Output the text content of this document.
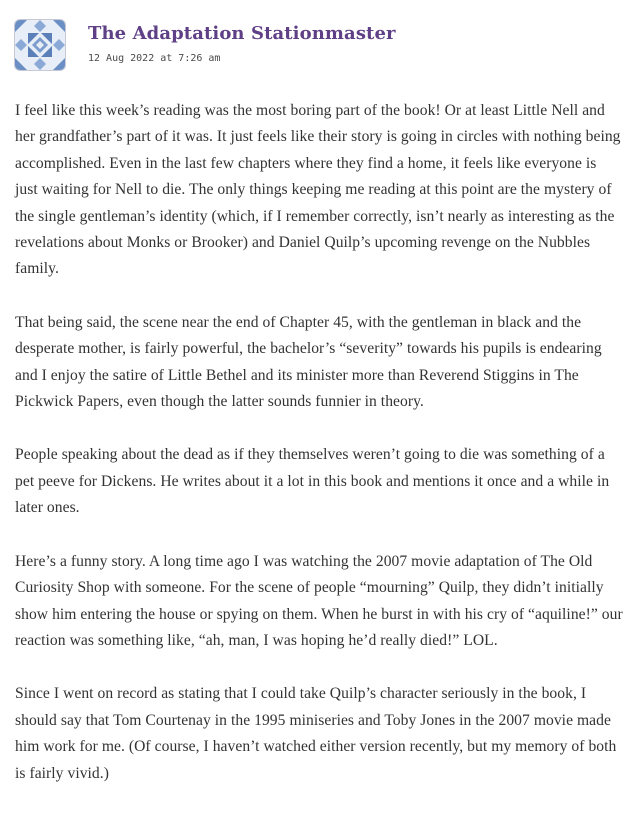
The Adaptation Stationmaster
12 Aug 2022 at 7:26 am

I feel like this week’s reading was the most boring part of the book! Or at least Little Nell and her grandfather’s part of it was. It just feels like their story is going in circles with nothing being accomplished. Even in the last few chapters where they find a home, it feels like everyone is just waiting for Nell to die. The only things keeping me reading at this point are the mystery of the single gentleman’s identity (which, if I remember correctly, isn’t nearly as interesting as the revelations about Monks or Brooker) and Daniel Quilp’s upcoming revenge on the Nubbles family.

That being said, the scene near the end of Chapter 45, with the gentleman in black and the desperate mother, is fairly powerful, the bachelor’s “severity” towards his pupils is endearing and I enjoy the satire of Little Bethel and its minister more than Reverend Stiggins in The Pickwick Papers, even though the latter sounds funnier in theory.

People speaking about the dead as if they themselves weren’t going to die was something of a pet peeve for Dickens. He writes about it a lot in this book and mentions it once and a while in later ones.

Here’s a funny story. A long time ago I was watching the 2007 movie adaptation of The Old Curiosity Shop with someone. For the scene of people “mourning” Quilp, they didn’t initially show him entering the house or spying on them. When he burst in with his cry of “aquiline!” our reaction was something like, “ah, man, I was hoping he’d really died!” LOL.

Since I went on record as stating that I could take Quilp’s character seriously in the book, I should say that Tom Courtenay in the 1995 miniseries and Toby Jones in the 2007 movie made him work for me. (Of course, I haven’t watched either version recently, but my memory of both is fairly vivid.)
